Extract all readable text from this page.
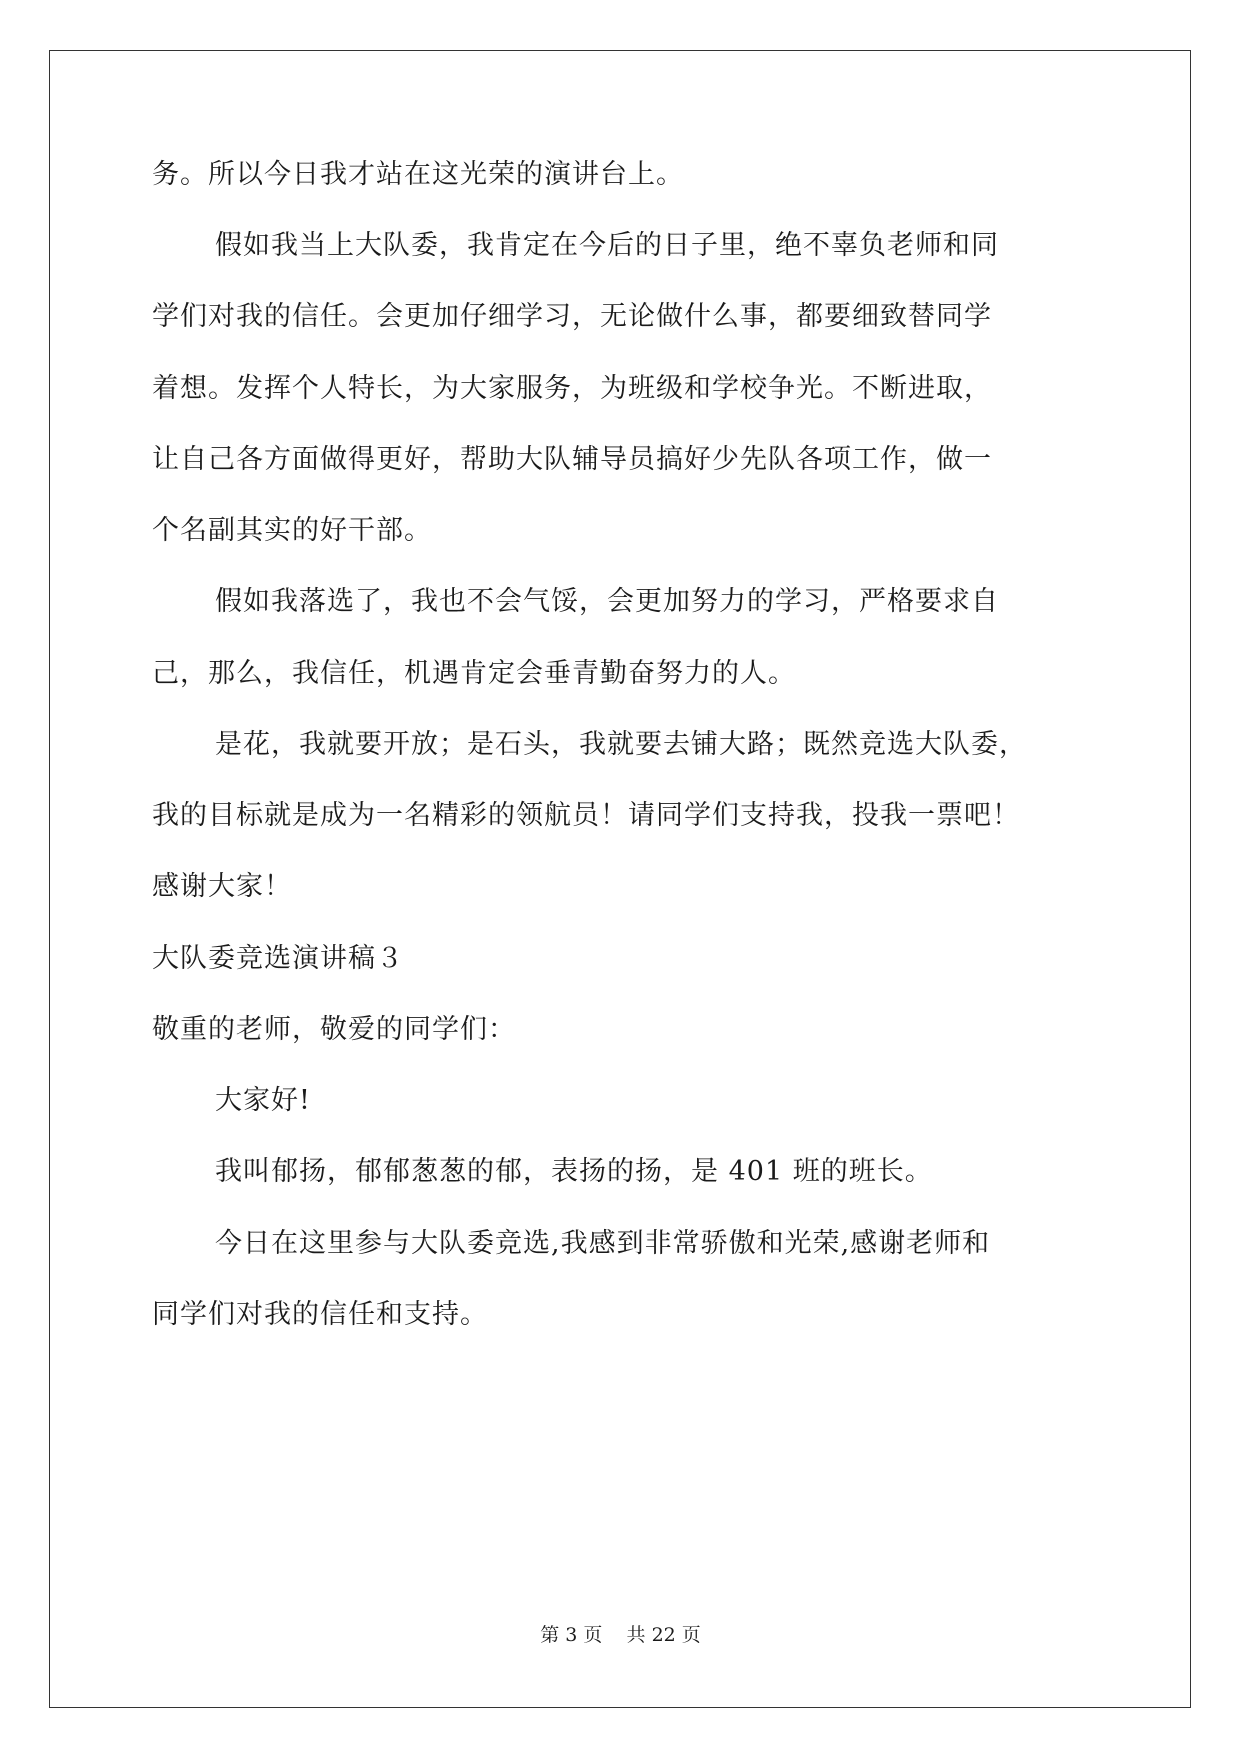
务。所以今日我才站在这光荣的演讲台上。
假如我当上大队委，我肯定在今后的日子里，绝不辜负老师和同
学们对我的信任。会更加仔细学习，无论做什么事，都要细致替同学
着想。发挥个人特长，为大家服务，为班级和学校争光。不断进取，
让自己各方面做得更好，帮助大队辅导员搞好少先队各项工作，做一
个名副其实的好干部。
假如我落选了，我也不会气馁，会更加努力的学习，严格要求自
己，那么，我信任，机遇肯定会垂青勤奋努力的人。
是花，我就要开放；是石头，我就要去铺大路；既然竞选大队委，
我的目标就是成为一名精彩的领航员！请同学们支持我，投我一票吧！
感谢大家！
大队委竞选演讲稿３
敬重的老师，敬爱的同学们：
大家好!
我叫郁扬，郁郁葱葱的郁，表扬的扬，是 401 班的班长。
今日在这里参与大队委竞选,我感到非常骄傲和光荣,感谢老师和
同学们对我的信任和支持。
第 3 页    共 22 页
